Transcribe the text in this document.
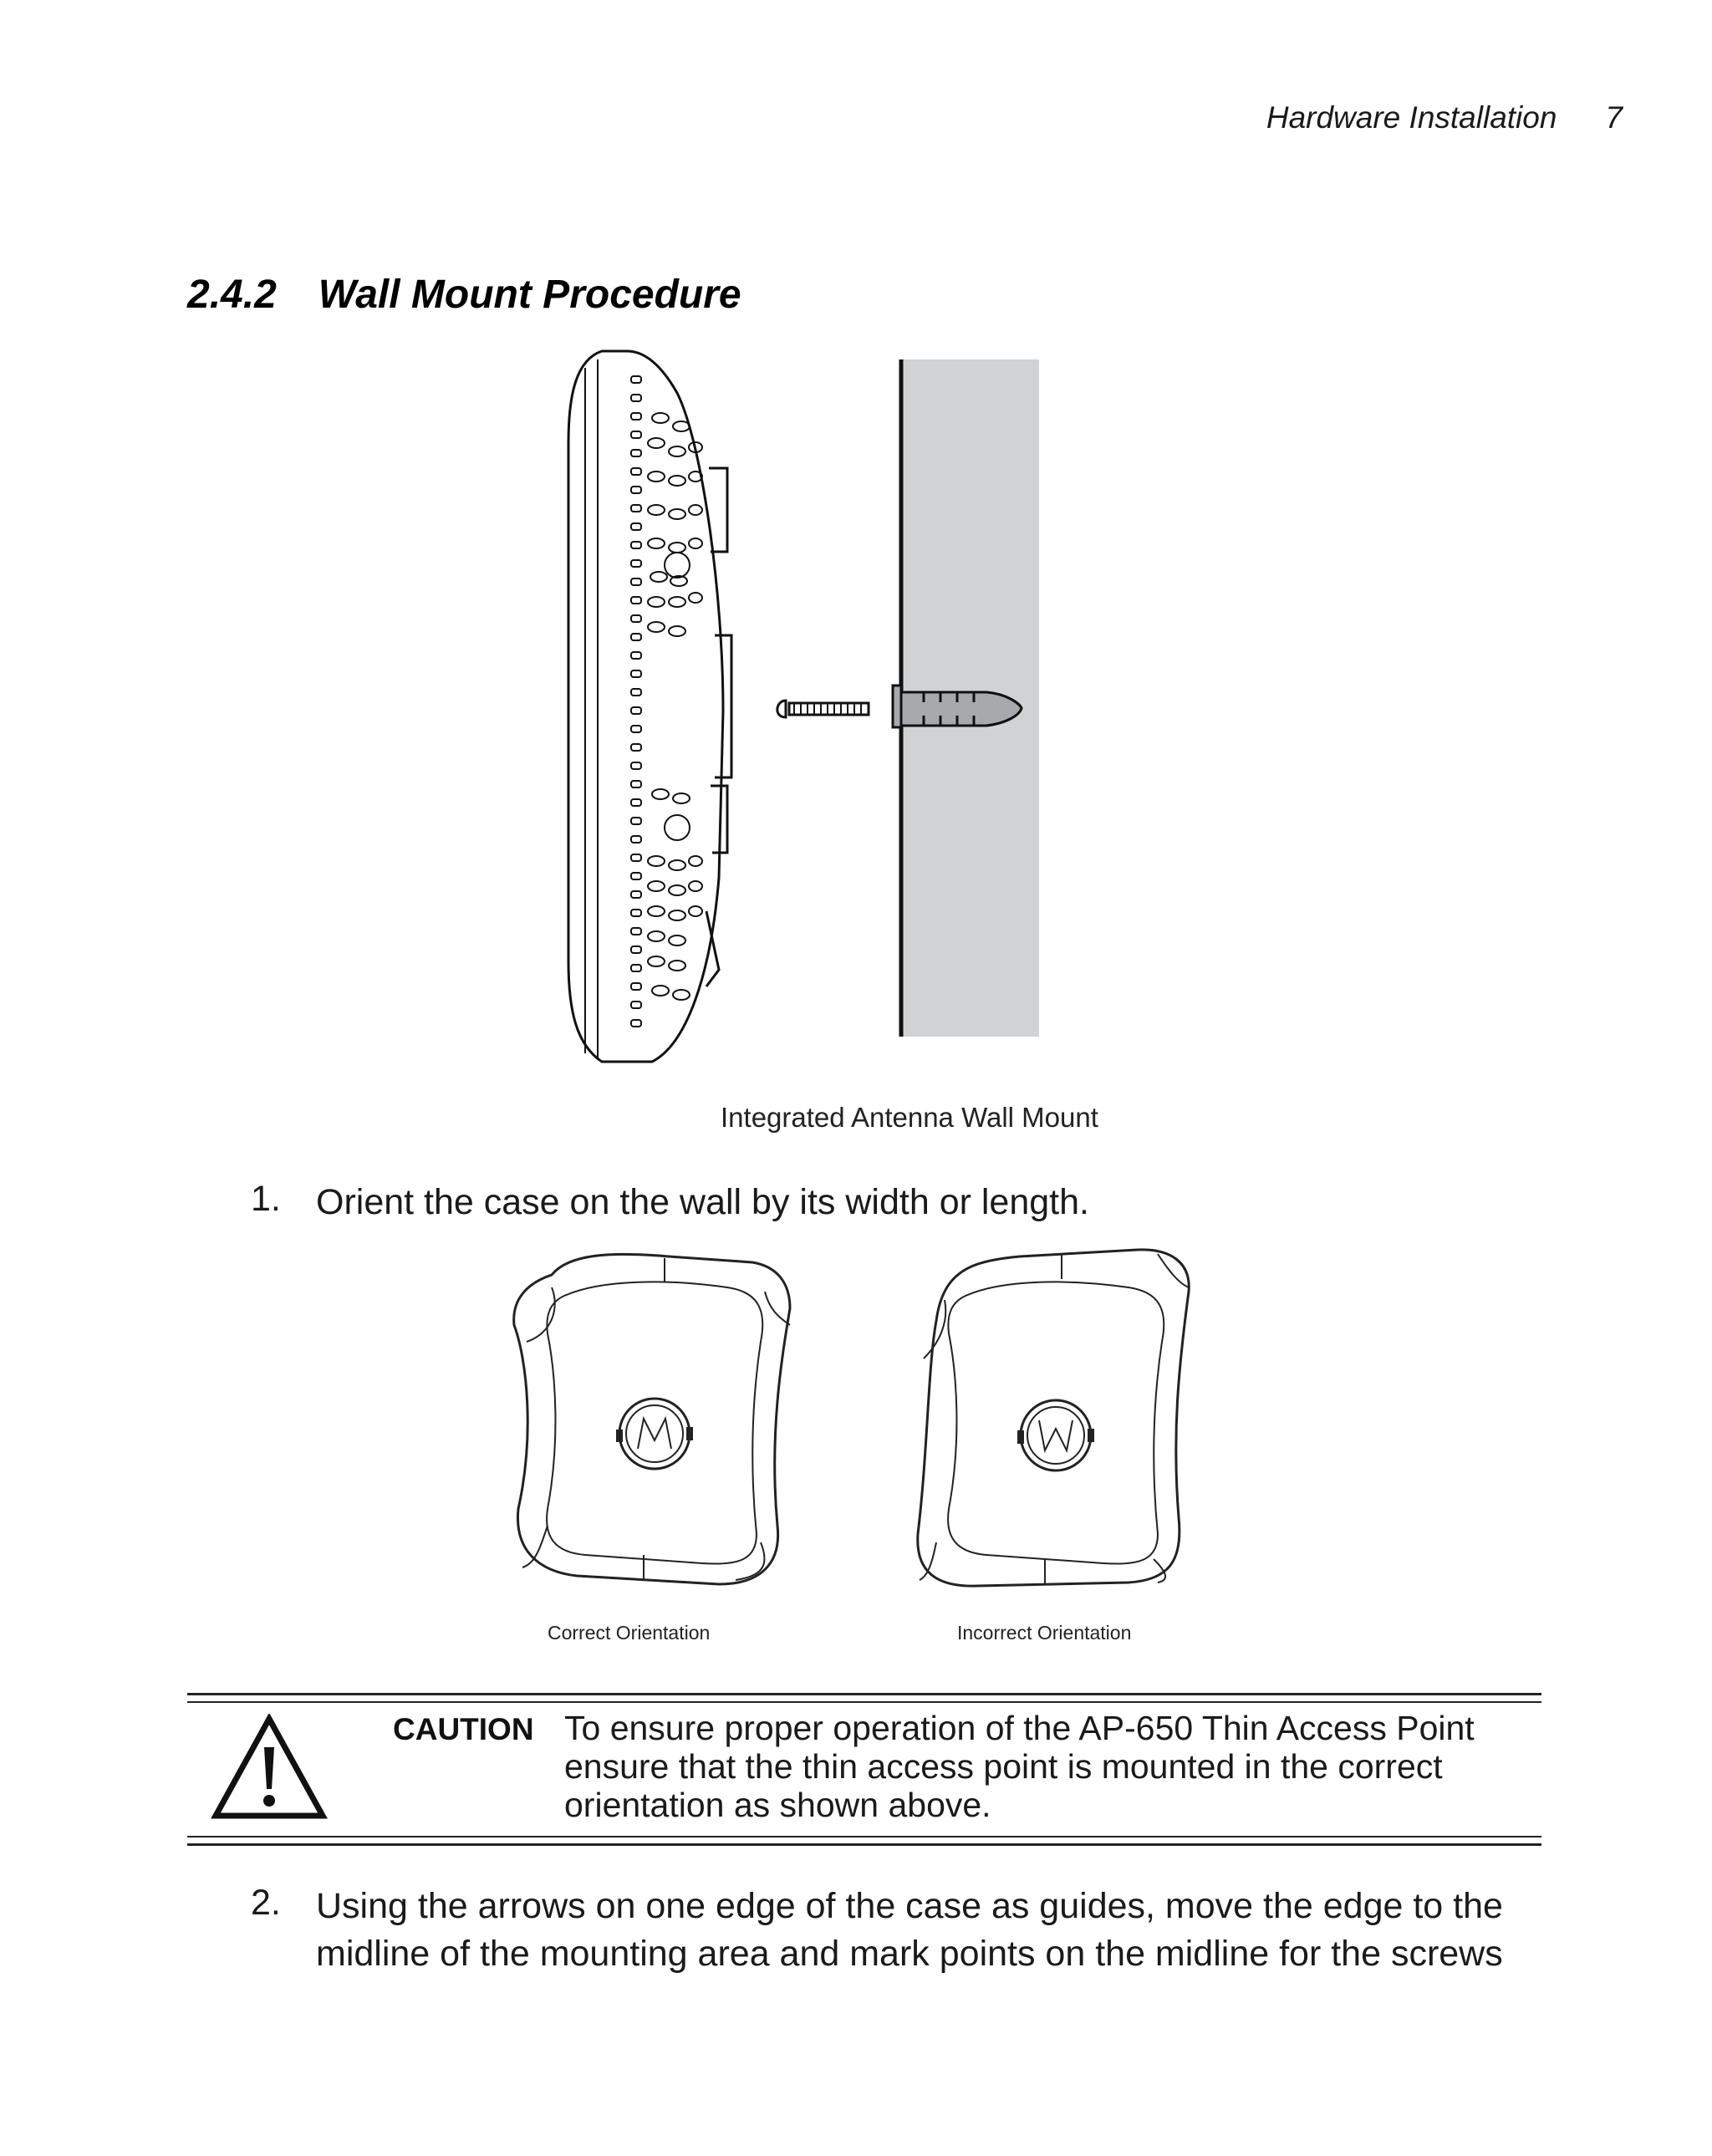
Hardware Installation 7
2.4.2 Wall Mount Procedure
Integrated Antenna Wall Mount
1. Orient the case on the wall by its width or length.
Correct Orientation	Incorrect Orientation
CAUTION To ensure proper operation of the AP-650 Thin Access Point ensure that the thin access point is mounted in the correct orientation as shown above.
2. Using the arrows on one edge of the case as guides, move the edge to the midline of the mounting area and mark points on the midline for the screws
